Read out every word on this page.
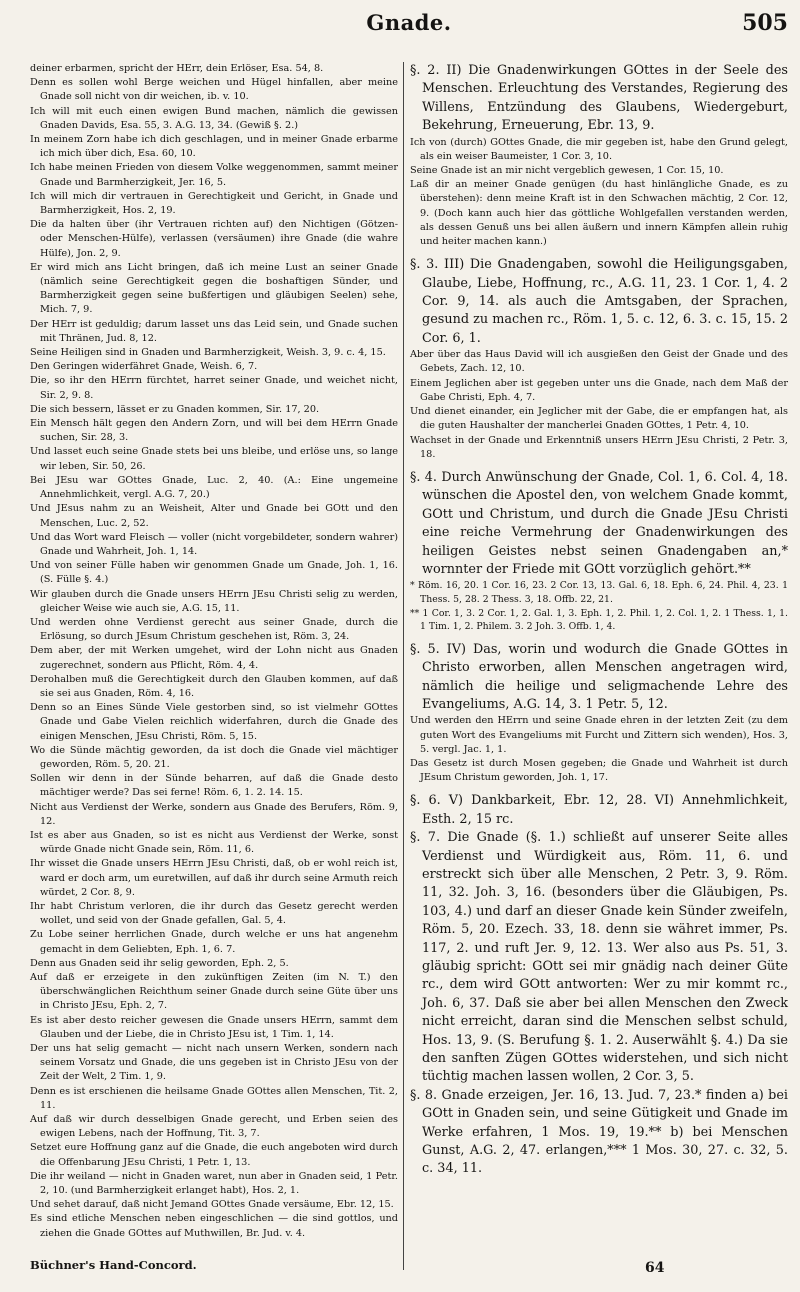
Gnade.	505

deiner erbarmen, spricht der HErr, dein Erlöser, Esa. 54, 8.

Denn es sollen wohl Berge weichen und Hügel hinfallen, aber meine Gnade soll nicht von dir weichen, ib. v. 10.

Ich will mit euch einen ewigen Bund machen, nämlich die gewissen Gnaden Davids, Esa. 55, 3. A.G. 13, 34. (Gewiß §. 2.)

In meinem Zorn habe ich dich geschlagen, und in meiner Gnade erbarme ich mich über dich, Esa. 60, 10.

Ich habe meinen Frieden von diesem Volke weggenommen, sammt meiner Gnade und Barmherzigkeit, Jer. 16, 5.

Ich will mich dir vertrauen in Gerechtigkeit und Gericht, in Gnade und Barmherzigkeit, Hos. 2, 19.

Die da halten über (ihr Vertrauen richten auf) den Nichtigen (Götzen- oder Menschen-Hülfe), verlassen (versäumen) ihre Gnade (die wahre Hülfe), Jon. 2, 9.

Er wird mich ans Licht bringen, daß ich meine Lust an seiner Gnade (nämlich seine Gerechtigkeit gegen die boshaftigen Sünder, und Barmherzigkeit gegen seine bußfertigen und gläubigen Seelen) sehe, Mich. 7, 9.

Der HErr ist geduldig; darum lasset uns das Leid sein, und Gnade suchen mit Thränen, Jud. 8, 12.

Seine Heiligen sind in Gnaden und Barmherzigkeit, Weish. 3, 9. c. 4, 15.

Den Geringen widerfähret Gnade, Weish. 6, 7.

Die, so ihr den HErrn fürchtet, harret seiner Gnade, und weichet nicht, Sir. 2, 9. 8.

Die sich bessern, lässet er zu Gnaden kommen, Sir. 17, 20.

Ein Mensch hält gegen den Andern Zorn, und will bei dem HErrn Gnade suchen, Sir. 28, 3.

Und lasset euch seine Gnade stets bei uns bleibe, und erlöse uns, so lange wir leben, Sir. 50, 26.

Bei JEsu war GOttes Gnade, Luc. 2, 40. (A.: Eine ungemeine Annehmlichkeit, vergl. A.G. 7, 20.)

Und JEsus nahm zu an Weisheit, Alter und Gnade bei GOtt und den Menschen, Luc. 2, 52.

Und das Wort ward Fleisch — voller (nicht vorgebildeter, sondern wahrer) Gnade und Wahrheit, Joh. 1, 14.

Und von seiner Fülle haben wir genommen Gnade um Gnade, Joh. 1, 16. (S. Fülle §. 4.)

Wir glauben durch die Gnade unsers HErrn JEsu Christi selig zu werden, gleicher Weise wie auch sie, A.G. 15, 11.

Und werden ohne Verdienst gerecht aus seiner Gnade, durch die Erlösung, so durch JEsum Christum geschehen ist, Röm. 3, 24.

Dem aber, der mit Werken umgehet, wird der Lohn nicht aus Gnaden zugerechnet, sondern aus Pflicht, Röm. 4, 4.

Derohalben muß die Gerechtigkeit durch den Glauben kommen, auf daß sie sei aus Gnaden, Röm. 4, 16.

Denn so an Eines Sünde Viele gestorben sind, so ist vielmehr GOttes Gnade und Gabe Vielen reichlich widerfahren, durch die Gnade des einigen Menschen, JEsu Christi, Röm. 5, 15.

Wo die Sünde mächtig geworden, da ist doch die Gnade viel mächtiger geworden, Röm. 5, 20. 21.

Sollen wir denn in der Sünde beharren, auf daß die Gnade desto mächtiger werde? Das sei ferne! Röm. 6, 1. 2. 14. 15.

Nicht aus Verdienst der Werke, sondern aus Gnade des Berufers, Röm. 9, 12.

Ist es aber aus Gnaden, so ist es nicht aus Verdienst der Werke, sonst würde Gnade nicht Gnade sein, Röm. 11, 6.

Ihr wisset die Gnade unsers HErrn JEsu Christi, daß, ob er wohl reich ist, ward er doch arm, um euretwillen, auf daß ihr durch seine Armuth reich würdet, 2 Cor. 8, 9.

Ihr habt Christum verloren, die ihr durch das Gesetz gerecht werden wollet, und seid von der Gnade gefallen, Gal. 5, 4.

Zu Lobe seiner herrlichen Gnade, durch welche er uns hat angenehm gemacht in dem Geliebten, Eph. 1, 6. 7.

Denn aus Gnaden seid ihr selig geworden, Eph. 2, 5.

Auf daß er erzeigete in den zukünftigen Zeiten (im N. T.) den überschwänglichen Reichthum seiner Gnade durch seine Güte über uns in Christo JEsu, Eph. 2, 7.

Es ist aber desto reicher gewesen die Gnade unsers HErrn, sammt dem Glauben und der Liebe, die in Christo JEsu ist, 1 Tim. 1, 14.

Der uns hat selig gemacht — nicht nach unsern Werken, sondern nach seinem Vorsatz und Gnade, die uns gegeben ist in Christo JEsu von der Zeit der Welt, 2 Tim. 1, 9.

Denn es ist erschienen die heilsame Gnade GOttes allen Menschen, Tit. 2, 11.

Auf daß wir durch desselbigen Gnade gerecht, und Erben seien des ewigen Lebens, nach der Hoffnung, Tit. 3, 7.

Setzet eure Hoffnung ganz auf die Gnade, die euch angeboten wird durch die Offenbarung JEsu Christi, 1 Petr. 1, 13.

Die ihr weiland — nicht in Gnaden waret, nun aber in Gnaden seid, 1 Petr. 2, 10. (und Barmherzigkeit erlanget habt), Hos. 2, 1.

Und sehet darauf, daß nicht Jemand GOttes Gnade versäume, Ebr. 12, 15.

Es sind etliche Menschen neben eingeschlichen — die sind gottlos, und ziehen die Gnade GOttes auf Muthwillen, Br. Jud. v. 4.

§. 2. II) Die Gnadenwirkungen GOttes in der Seele des Menschen. Erleuchtung des Verstandes, Regierung des Willens, Entzündung des Glaubens, Wiedergeburt, Bekehrung, Erneuerung, Ebr. 13, 9.

Ich von (durch) GOttes Gnade, die mir gegeben ist, habe den Grund gelegt, als ein weiser Baumeister, 1 Cor. 3, 10.

Seine Gnade ist an mir nicht vergeblich gewesen, 1 Cor. 15, 10.

Laß dir an meiner Gnade genügen (du hast hinlängliche Gnade, es zu überstehen): denn meine Kraft ist in den Schwachen mächtig, 2 Cor. 12, 9. (Doch kann auch hier das göttliche Wohlgefallen verstanden werden, als dessen Genuß uns bei allen äußern und innern Kämpfen allein ruhig und heiter machen kann.)

§. 3. III) Die Gnadengaben, sowohl die Heiligungsgaben, Glaube, Liebe, Hoffnung, rc., A.G. 11, 23. 1 Cor. 1, 4. 2 Cor. 9, 14. als auch die Amtsgaben, der Sprachen, gesund zu machen rc., Röm. 1, 5. c. 12, 6. 3. c. 15, 15. 2 Cor. 6, 1.

Aber über das Haus David will ich ausgießen den Geist der Gnade und des Gebets, Zach. 12, 10.

Einem Jeglichen aber ist gegeben unter uns die Gnade, nach dem Maß der Gabe Christi, Eph. 4, 7.

Und dienet einander, ein Jeglicher mit der Gabe, die er empfangen hat, als die guten Haushalter der mancherlei Gnaden GOttes, 1 Petr. 4, 10.

Wachset in der Gnade und Erkenntniß unsers HErrn JEsu Christi, 2 Petr. 3, 18.

§. 4. Durch Anwünschung der Gnade, Col. 1, 6. Col. 4, 18. wünschen die Apostel den, von welchem Gnade kommt, GOtt und Christum, und durch die Gnade JEsu Christi eine reiche Vermehrung der Gnadenwirkungen des heiligen Geistes nebst seinen Gnadengaben an,* wornnter der Friede mit GOtt vorzüglich gehört.**

* Röm. 16, 20. 1 Cor. 16, 23. 2 Cor. 13, 13. Gal. 6, 18. Eph. 6, 24. Phil. 4, 23. 1 Thess. 5, 28. 2 Thess. 3, 18. Offb. 22, 21.

** 1 Cor. 1, 3. 2 Cor. 1, 2. Gal. 1, 3. Eph. 1, 2. Phil. 1, 2. Col. 1, 2. 1 Thess. 1, 1. 1 Tim. 1, 2. Philem. 3. 2 Joh. 3. Offb. 1, 4.

§. 5. IV) Das, worin und wodurch die Gnade GOttes in Christo erworben, allen Menschen angetragen wird, nämlich die heilige und seligmachende Lehre des Evangeliums, A.G. 14, 3. 1 Petr. 5, 12.

Und werden den HErrn und seine Gnade ehren in der letzten Zeit (zu dem guten Wort des Evangeliums mit Furcht und Zittern sich wenden), Hos. 3, 5. vergl. Jac. 1, 1.

Das Gesetz ist durch Mosen gegeben; die Gnade und Wahrheit ist durch JEsum Christum geworden, Joh. 1, 17.

§. 6. V) Dankbarkeit, Ebr. 12, 28. VI) Annehmlichkeit, Esth. 2, 15 rc.

§. 7. Die Gnade (§. 1.) schließt auf unserer Seite alles Verdienst und Würdigkeit aus, Röm. 11, 6. und erstreckt sich über alle Menschen, 2 Petr. 3, 9. Röm. 11, 32. Joh. 3, 16. (besonders über die Gläubigen, Ps. 103, 4.) und darf an dieser Gnade kein Sünder zweifeln, Röm. 5, 20. Ezech. 33, 18. denn sie währet immer, Ps. 117, 2. und ruft Jer. 9, 12. 13. Wer also aus Ps. 51, 3. gläubig spricht: GOtt sei mir gnädig nach deiner Güte rc., dem wird GOtt antworten: Wer zu mir kommt rc., Joh. 6, 37. Daß sie aber bei allen Menschen den Zweck nicht erreicht, daran sind die Menschen selbst schuld, Hos. 13, 9. (S. Berufung §. 1. 2. Auserwählt §. 4.) Da sie den sanften Zügen GOttes widerstehen, und sich nicht tüchtig machen lassen wollen, 2 Cor. 3, 5.

§. 8. Gnade erzeigen, Jer. 16, 13. Jud. 7, 23.* finden a) bei GOtt in Gnaden sein, und seine Gütigkeit und Gnade im Werke erfahren, 1 Mos. 19, 19.** b) bei Menschen Gunst, A.G. 2, 47. erlangen,*** 1 Mos. 30, 27. c. 32, 5. c. 34, 11.

Büchner's Hand-Concord.	64
